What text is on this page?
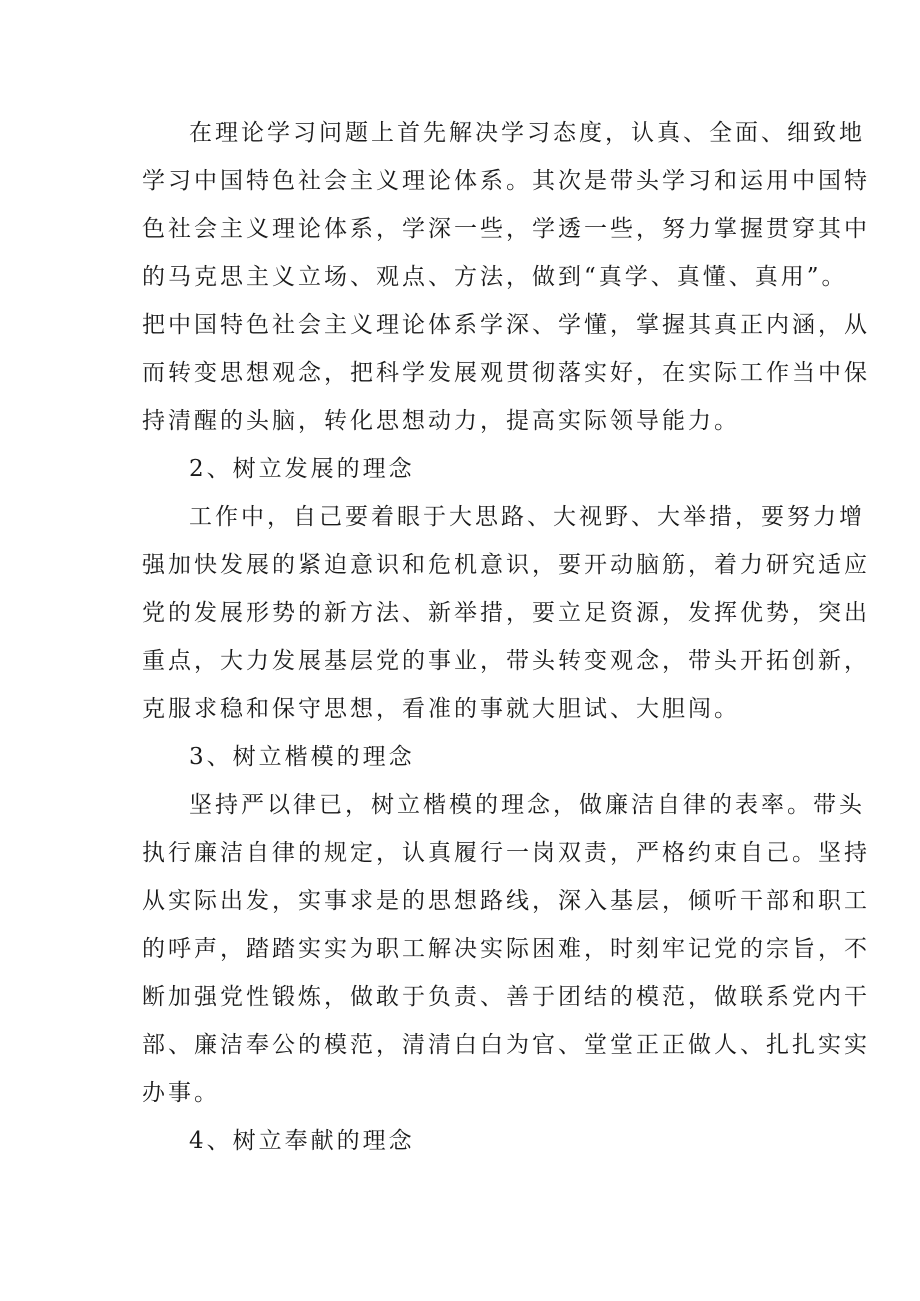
在理论学习问题上首先解决学习态度，认真、全面、细致地
学习中国特色社会主义理论体系。其次是带头学习和运用中国特
色社会主义理论体系，学深一些，学透一些，努力掌握贯穿其中
的马克思主义立场、观点、方法，做到“真学、真懂、真用”。
把中国特色社会主义理论体系学深、学懂，掌握其真正内涵，从
而转变思想观念，把科学发展观贯彻落实好，在实际工作当中保
持清醒的头脑，转化思想动力，提高实际领导能力。
2、树立发展的理念
工作中，自己要着眼于大思路、大视野、大举措，要努力增
强加快发展的紧迫意识和危机意识，要开动脑筋，着力研究适应
党的发展形势的新方法、新举措，要立足资源，发挥优势，突出
重点，大力发展基层党的事业，带头转变观念，带头开拓创新，
克服求稳和保守思想，看准的事就大胆试、大胆闯。
3、树立楷模的理念
坚持严以律已，树立楷模的理念，做廉洁自律的表率。带头
执行廉洁自律的规定，认真履行一岗双责，严格约束自己。坚持
从实际出发，实事求是的思想路线，深入基层，倾听干部和职工
的呼声，踏踏实实为职工解决实际困难，时刻牢记党的宗旨，不
断加强党性锻炼，做敢于负责、善于团结的模范，做联系党内干
部、廉洁奉公的模范，清清白白为官、堂堂正正做人、扎扎实实
办事。
4、树立奉献的理念
